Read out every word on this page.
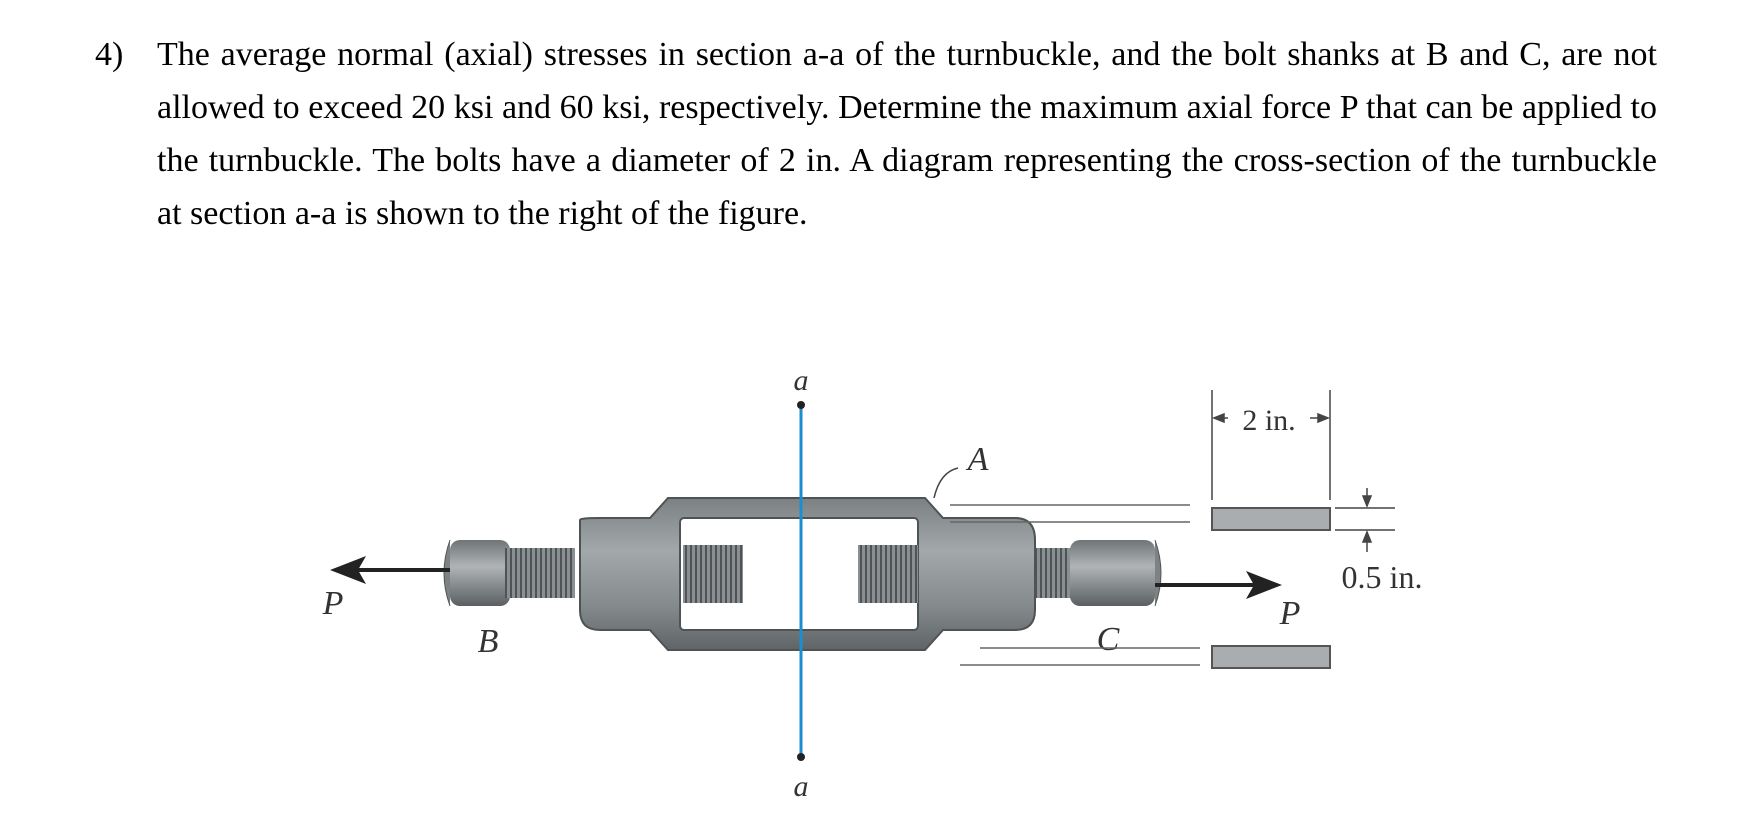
4) The average normal (axial) stresses in section a-a of the turnbuckle, and the bolt shanks at B and C, are not allowed to exceed 20 ksi and 60 ksi, respectively. Determine the maximum axial force P that can be applied to the turnbuckle. The bolts have a diameter of 2 in. A diagram representing the cross-section of the turnbuckle at section a-a is shown to the right of the figure.
a
a
P	P
B	C
A
2 in.
0.5 in.
